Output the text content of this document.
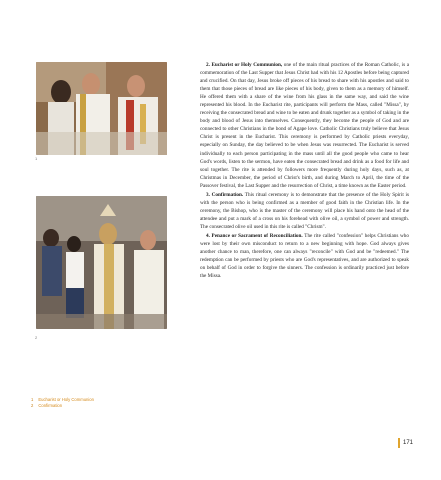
1
2

2. Eucharist or Holy Communion, one of the main ritual practices of the Roman Catholic, is a commemoration of the Last Supper that Jesus Christ had with his 12 Apostles before being captured and crucified. On that day, Jesus broke off pieces of his bread to share with his apostles and said to them that those pieces of bread are like pieces of his body, given to them as a memory of himself. He offered them with a share of the wine from his glass in the same way, and said the wine represented his blood. In the Eucharist rite, participants will perform the Mass, called "Missa", by receiving the consecrated bread and wine to be eaten and drunk together as a symbol of taking in the body and blood of Jesus into themselves. Consequently, they become the people of God and are connected to other Christians in the bond of Agape love. Catholic Christians truly believe that Jesus Christ is present in the Eucharist. This ceremony is performed by Catholic priests everyday, especially on Sunday, the day believed to be when Jesus was resurrected. The Eucharist is served individually to each person participating in the mass until all the good people who came to hear God's words, listen to the sermon, have eaten the consecrated bread and drink as a food for life and soul together. The rite is attended by followers more frequently during holy days, such as, at Christmas in December, the period of Christ's birth, and during March to April, the time of the Passover festival, the Last Supper and the resurrection of Christ, a time known as the Easter period.

3. Confirmation. This ritual ceremony is to demonstrate that the presence of the Holy Spirit is with the person who is being confirmed as a member of good faith in the Christian life. In the ceremony, the Bishop, who is the master of the ceremony will place his hand onto the head of the attendee and put a mark of a cross on his forehead with olive oil, a symbol of power and strength. The consecrated olive oil used in this rite is called "Chrism".

4. Penance or Sacrament of Reconciliation. The rite called "confession" helps Christians who were lost by their own misconduct to return to a new beginning with hope. God always gives another chance to man, therefore, one can always "reconcile" with God and be "redeemed." The redemption can be performed by priests who are God's representatives, and are authorized to speak on behalf of God in order to forgive the sinners. The confession is ordinarily practiced just before the Missa.

1 Eucharist or Holy Communion
2 Confirmation
171
